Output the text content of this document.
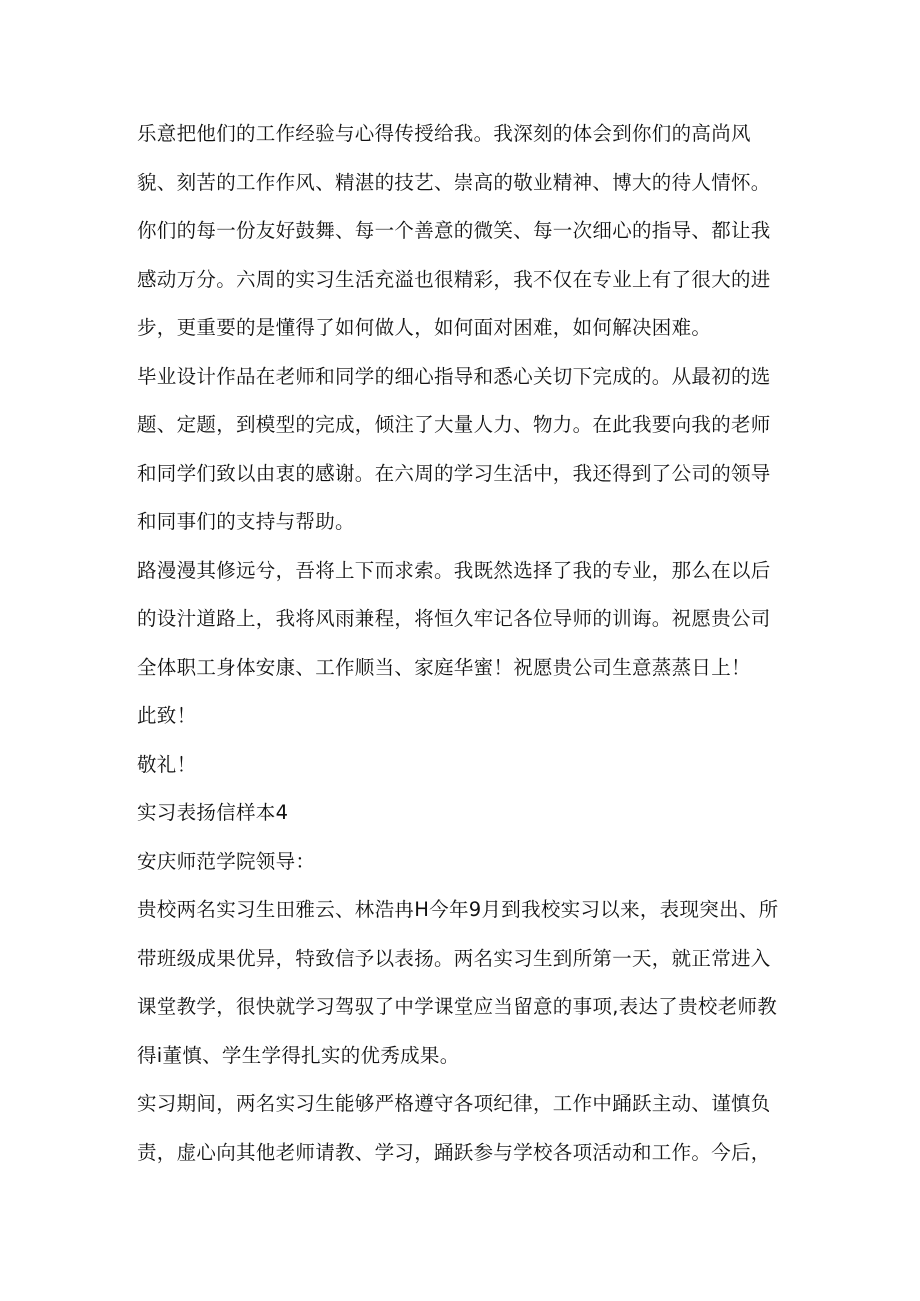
乐意把他们的工作经验与心得传授给我。我深刻的体会到你们的高尚风
貌、刻苦的工作作风、精湛的技艺、崇高的敬业精神、博大的待人情怀。
你们的每一份友好鼓舞、每一个善意的微笑、每一次细心的指导、都让我
感动万分。六周的实习生活充溢也很精彩，我不仅在专业上有了很大的进
步，更重要的是懂得了如何做人，如何面对困难，如何解决困难。
毕业设计作品在老师和同学的细心指导和悉心关切下完成的。从最初的选
题、定题，到模型的完成，倾注了大量人力、物力。在此我要向我的老师
和同学们致以由衷的感谢。在六周的学习生活中，我还得到了公司的领导
和同事们的支持与帮助。
路漫漫其修远兮，吾将上下而求索。我既然选择了我的专业，那么在以后
的设汁道路上，我将风雨兼程，将恒久牢记各位导师的训诲。祝愿贵公司
全体职工身体安康、工作顺当、家庭华蜜！祝愿贵公司生意蒸蒸日上！
此致！
敬礼！
实习表扬信样本4
安庆师范学院领导：
贵校两名实习生田雅云、林浩冉H今年9月到我校实习以来，表现突出、所
带班级成果优异，特致信予以表扬。两名实习生到所第一天，就正常进入
课堂教学，很快就学习驾驭了中学课堂应当留意的事项,表达了贵校老师教
得i董慎、学生学得扎实的优秀成果。
实习期间，两名实习生能够严格遵守各项纪律，工作中踊跃主动、谨慎负
责，虚心向其他老师请教、学习，踊跃参与学校各项活动和工作。今后，
